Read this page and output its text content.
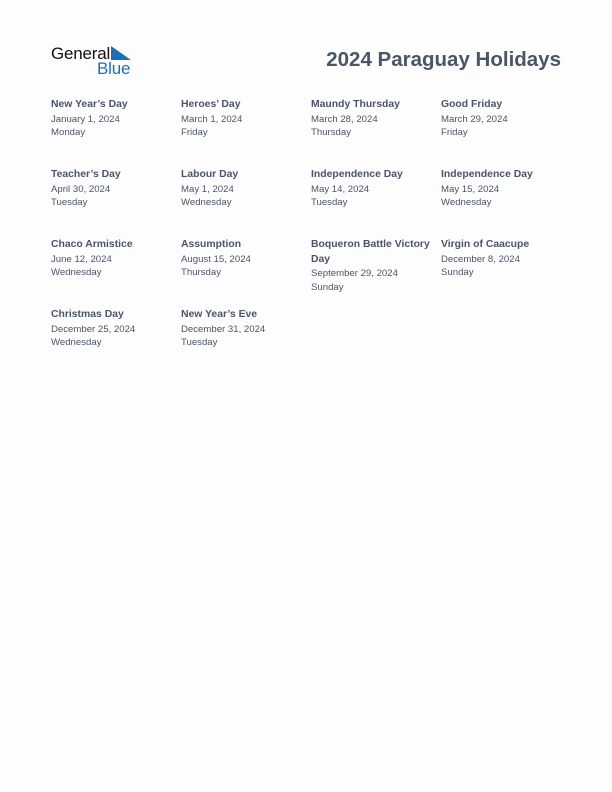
General
Blue	2024 Paraguay Holidays
New Year’s Day
January 1, 2024
Monday
Heroes’ Day
March 1, 2024
Friday
Maundy Thursday
March 28, 2024
Thursday
Good Friday
March 29, 2024
Friday
Teacher’s Day
April 30, 2024
Tuesday
Labour Day
May 1, 2024
Wednesday
Independence Day
May 14, 2024
Tuesday
Independence Day
May 15, 2024
Wednesday
Chaco Armistice
June 12, 2024
Wednesday
Assumption
August 15, 2024
Thursday
Boqueron Battle Victory Day
September 29, 2024
Sunday
Virgin of Caacupe
December 8, 2024
Sunday
Christmas Day
December 25, 2024
Wednesday
New Year’s Eve
December 31, 2024
Tuesday
